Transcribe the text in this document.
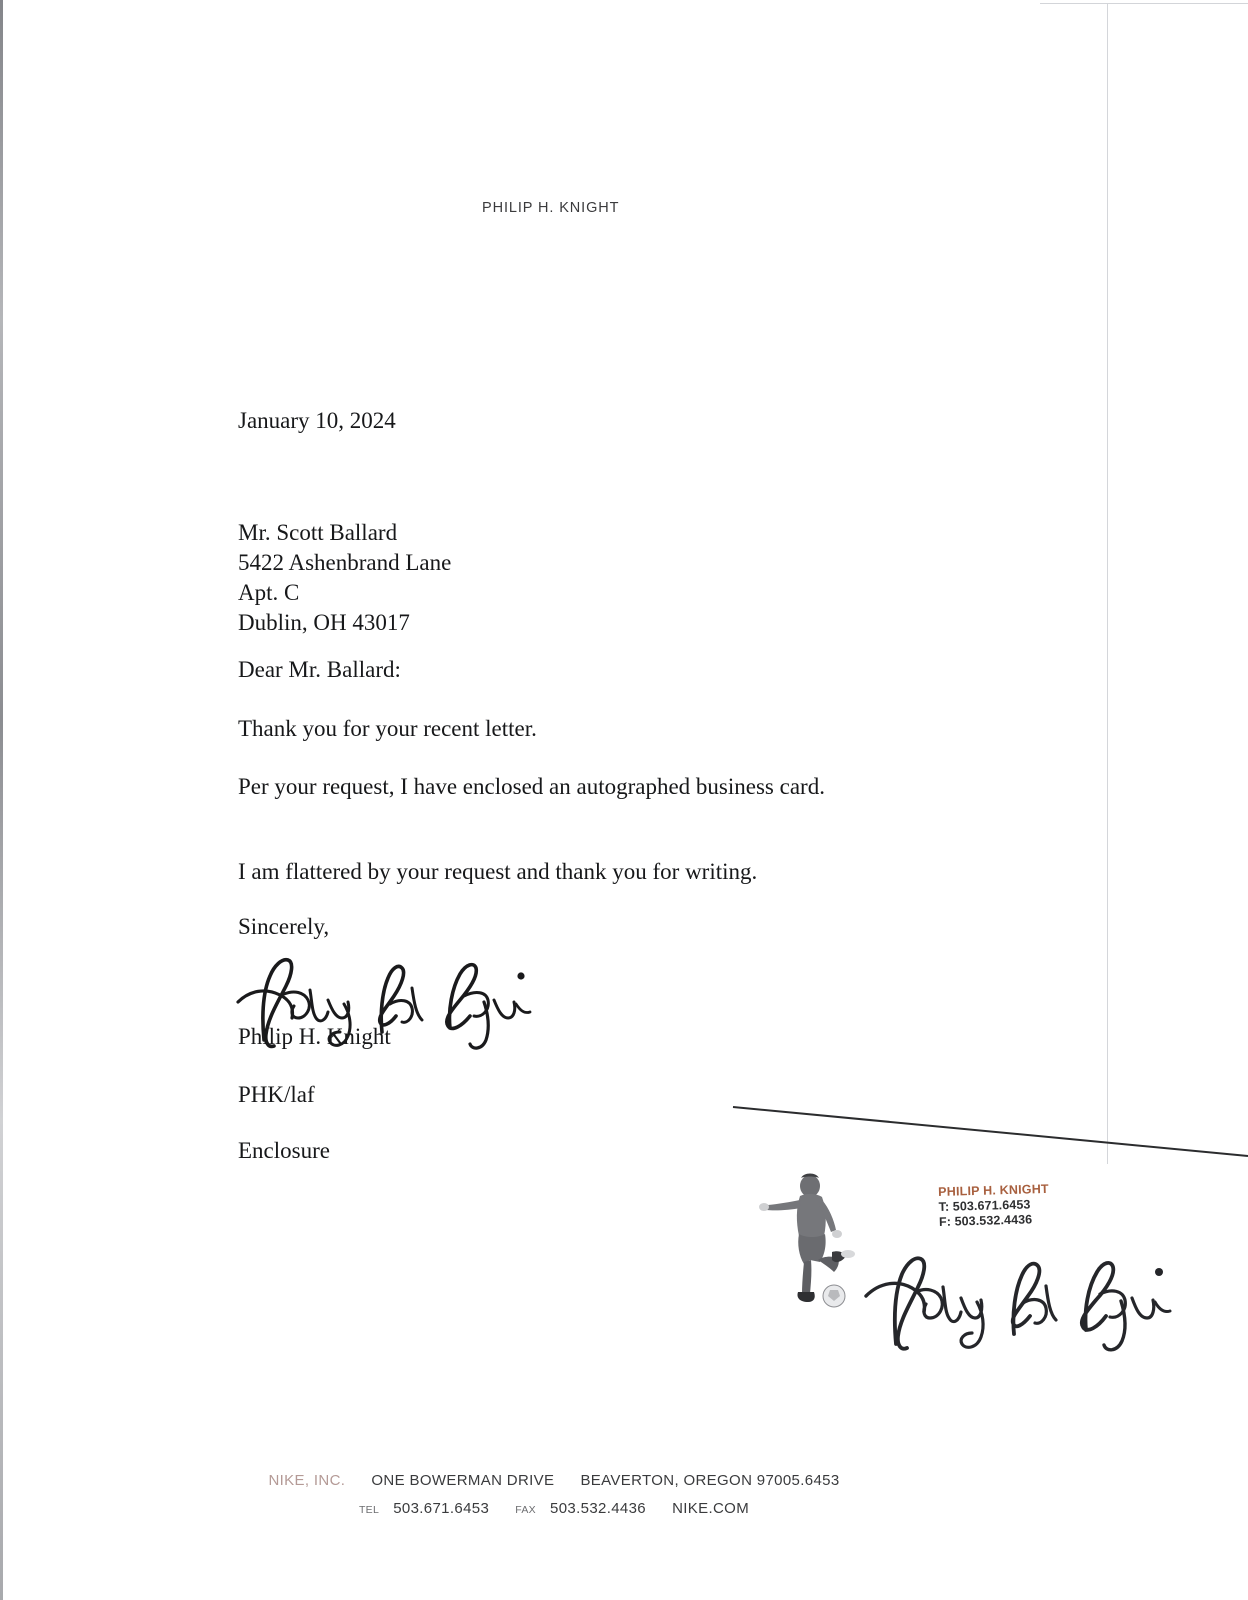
PHILIP H. KNIGHT
January 10, 2024
Mr. Scott Ballard
5422 Ashenbrand Lane
Apt. C
Dublin, OH 43017
Dear Mr. Ballard:
Thank you for your recent letter.
Per your request, I have enclosed an autographed business card.
I am flattered by your request and thank you for writing.
Sincerely,
Philip H. Knight
PHK/laf
Enclosure
PHILIP H. KNIGHT
T: 503.671.6453
F: 503.532.4436
NIKE, INC. ONE BOWERMAN DRIVE BEAVERTON, OREGON 97005.6453
TEL 503.671.6453 FAX 503.532.4436 NIKE.COM
